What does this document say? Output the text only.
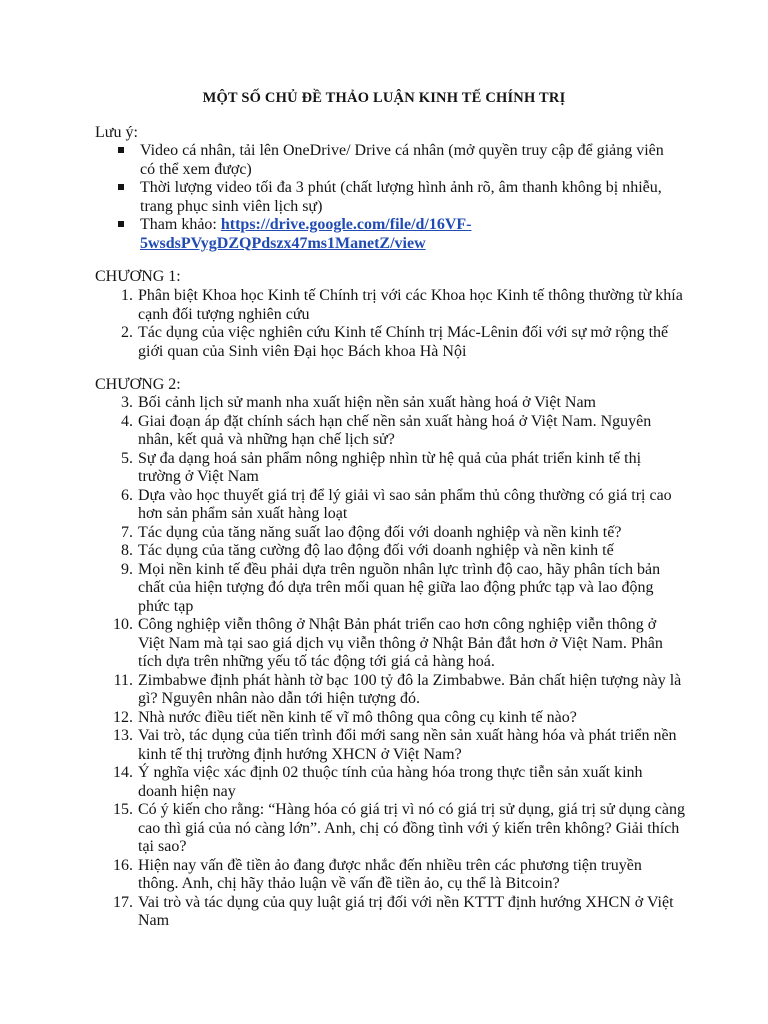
MỘT SỐ CHỦ ĐỀ THẢO LUẬN KINH TẾ CHÍNH TRỊ
Lưu ý:
Video cá nhân, tải lên OneDrive/ Drive cá nhân (mở quyền truy cập để giảng viên có thể xem được)
Thời lượng video tối đa 3 phút (chất lượng hình ảnh rõ, âm thanh không bị nhiễu, trang phục sinh viên lịch sự)
Tham khảo: https://drive.google.com/file/d/16VF-5wsdsPVygDZQPdszx47ms1ManetZ/view
CHƯƠNG 1:
1. Phân biệt Khoa học Kinh tế Chính trị với các Khoa học Kinh tế thông thường từ khía cạnh đối tượng nghiên cứu
2. Tác dụng của việc nghiên cứu Kinh tế Chính trị Mác-Lênin đối với sự mở rộng thế giới quan của Sinh viên Đại học Bách khoa Hà Nội
CHƯƠNG 2:
3. Bối cảnh lịch sử manh nha xuất hiện nền sản xuất hàng hoá ở Việt Nam
4. Giai đoạn áp đặt chính sách hạn chế nền sản xuất hàng hoá ở Việt Nam. Nguyên nhân, kết quả và những hạn chế lịch sử?
5. Sự đa dạng hoá sản phẩm nông nghiệp nhìn từ hệ quả của phát triển kinh tế thị trường ở Việt Nam
6. Dựa vào học thuyết giá trị để lý giải vì sao sản phẩm thủ công thường có giá trị cao hơn sản phẩm sản xuất hàng loạt
7. Tác dụng của tăng năng suất lao động đối với doanh nghiệp và nền kinh tế?
8. Tác dụng của tăng cường độ lao động đối với doanh nghiệp và nền kinh tế
9. Mọi nền kinh tế đều phải dựa trên nguồn nhân lực trình độ cao, hãy phân tích bản chất của hiện tượng đó dựa trên mối quan hệ giữa lao động phức tạp và lao động phức tạp
10. Công nghiệp viễn thông ở Nhật Bản phát triển cao hơn công nghiệp viễn thông ở Việt Nam mà tại sao giá dịch vụ viễn thông ở Nhật Bản đắt hơn ở Việt Nam. Phân tích dựa trên những yếu tố tác động tới giá cả hàng hoá.
11. Zimbabwe định phát hành tờ bạc 100 tỷ đô la Zimbabwe. Bản chất hiện tượng này là gì? Nguyên nhân nào dẫn tới hiện tượng đó.
12. Nhà nước điều tiết nền kinh tế vĩ mô thông qua công cụ kinh tế nào?
13. Vai trò, tác dụng của tiến trình đổi mới sang nền sản xuất hàng hóa và phát triển nền kinh tế thị trường định hướng XHCN ở Việt Nam?
14. Ý nghĩa việc xác định 02 thuộc tính của hàng hóa trong thực tiễn sản xuất kinh doanh hiện nay
15. Có ý kiến cho rằng: “Hàng hóa có giá trị vì nó có giá trị sử dụng, giá trị sử dụng càng cao thì giá của nó càng lớn”. Anh, chị có đồng tình với ý kiến trên không? Giải thích tại sao?
16. Hiện nay vấn đề tiền ảo đang được nhắc đến nhiều trên các phương tiện truyền thông. Anh, chị hãy thảo luận về vấn đề tiền ảo, cụ thể là Bitcoin?
17. Vai trò và tác dụng của quy luật giá trị đối với nền KTTT định hướng XHCN ở Việt Nam
